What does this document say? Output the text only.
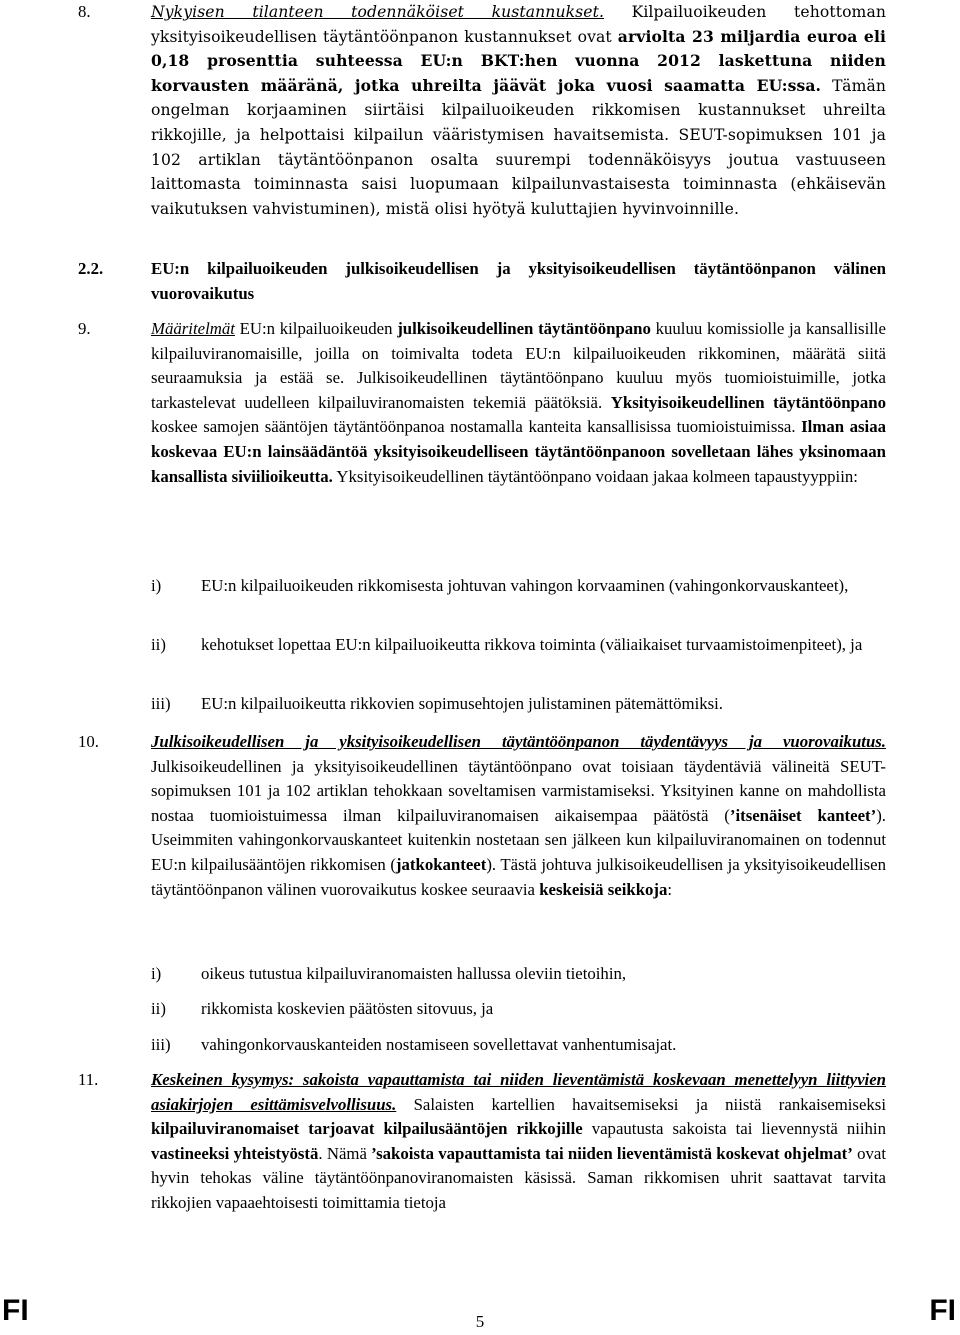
8.	Nykyisen tilanteen todennäköiset kustannukset. Kilpailuoikeuden tehottoman yksityisoikeudellisen täytäntöönpanon kustannukset ovat arviolta 23 miljardia euroa eli 0,18 prosenttia suhteessa EU:n BKT:hen vuonna 2012 laskettuna niiden korvausten määränä, jotka uhreilta jäävät joka vuosi saamatta EU:ssa. Tämän ongelman korjaaminen siirtäisi kilpailuoikeuden rikkomisen kustannukset uhreilta rikkojille, ja helpottaisi kilpailun vääristymisen havaitsemista. SEUT-sopimuksen 101 ja 102 artiklan täytäntöönpanon osalta suurempi todennäköisyys joutua vastuuseen laittomasta toiminnasta saisi luopumaan kilpailunvastaisesta toiminnasta (ehkäisevän vaikutuksen vahvistuminen), mistä olisi hyötyä kuluttajien hyvinvoinnille.
2.2.	EU:n kilpailuoikeuden julkisoikeudellisen ja yksityisoikeudellisen täytäntöönpanon välinen vuorovaikutus
9.	Määritelmät EU:n kilpailuoikeuden julkisoikeudellinen täytäntöönpano kuuluu komissiolle ja kansallisille kilpailuviranomaisille, joilla on toimivalta todeta EU:n kilpailuoikeuden rikkominen, määrätä siitä seuraamuksia ja estää se. Julkisoikeudellinen täytäntöönpano kuuluu myös tuomioistuimille, jotka tarkastelevat uudelleen kilpailuviranomaisten tekemiä päätöksiä. Yksityisoikeudellinen täytäntöönpano koskee samojen sääntöjen täytäntöönpanoa nostamalla kanteita kansallisissa tuomioistuimissa. Ilman asiaa koskevaa EU:n lainsäädäntöä yksityisoikeudelliseen täytäntöönpanoon sovelletaan lähes yksinomaan kansallista siviilioikeutta. Yksityisoikeudellinen täytäntöönpano voidaan jakaa kolmeen tapaustyyppiin:
i) EU:n kilpailuoikeuden rikkomisesta johtuvan vahingon korvaaminen (vahingonkorvauskanteet),
ii) kehotukset lopettaa EU:n kilpailuoikeutta rikkova toiminta (väliaikaiset turvaamistoimenpiteet), ja
iii) EU:n kilpailuoikeutta rikkovien sopimusehtojen julistaminen pätemättömiksi.
10.	Julkisoikeudellisen ja yksityisoikeudellisen täytäntöönpanon täydentävyys ja vuorovaikutus. Julkisoikeudellinen ja yksityisoikeudellinen täytäntöönpano ovat toisiaan täydentäviä välineitä SEUT-sopimuksen 101 ja 102 artiklan tehokkaan soveltamisen varmistamiseksi. Yksityinen kanne on mahdollista nostaa tuomioistuimessa ilman kilpailuviranomaisen aikaisempaa päätöstä (’itsenäiset kanteet’). Useimmiten vahingonkorvauskanteet kuitenkin nostetaan sen jälkeen kun kilpailuviranomainen on todennut EU:n kilpailusääntöjen rikkomisen (jatkokanteet). Tästä johtuva julkisoikeudellisen ja yksityisoikeudellisen täytäntöönpanon välinen vuorovaikutus koskee seuraavia keskeisiä seikkoja:
i) oikeus tutustua kilpailuviranomaisten hallussa oleviin tietoihin,
ii) rikkomista koskevien päätösten sitovuus, ja
iii) vahingonkorvauskanteiden nostamiseen sovellettavat vanhentumisajat.
11.	Keskeinen kysymys: sakoista vapauttamista tai niiden lieventämistä koskevaan menettelyyn liittyvien asiakirjojen esittämisvelvollisuus. Salaisten kartellien havaitsemiseksi ja niistä rankaisemiseksi kilpailuviranomaiset tarjoavat kilpailusääntöjen rikkojille vapautusta sakoista tai lievennystä niihin vastineeksi yhteistyöstä. Nämä ’sakoista vapauttamista tai niiden lieventämistä koskevat ohjelmat’ ovat hyvin tehokas väline täytäntöönpanoviranomaisten käsissä. Saman rikkomisen uhrit saattavat tarvita rikkojien vapaaehtoisesti toimittamia tietoja
FI	5	FI
